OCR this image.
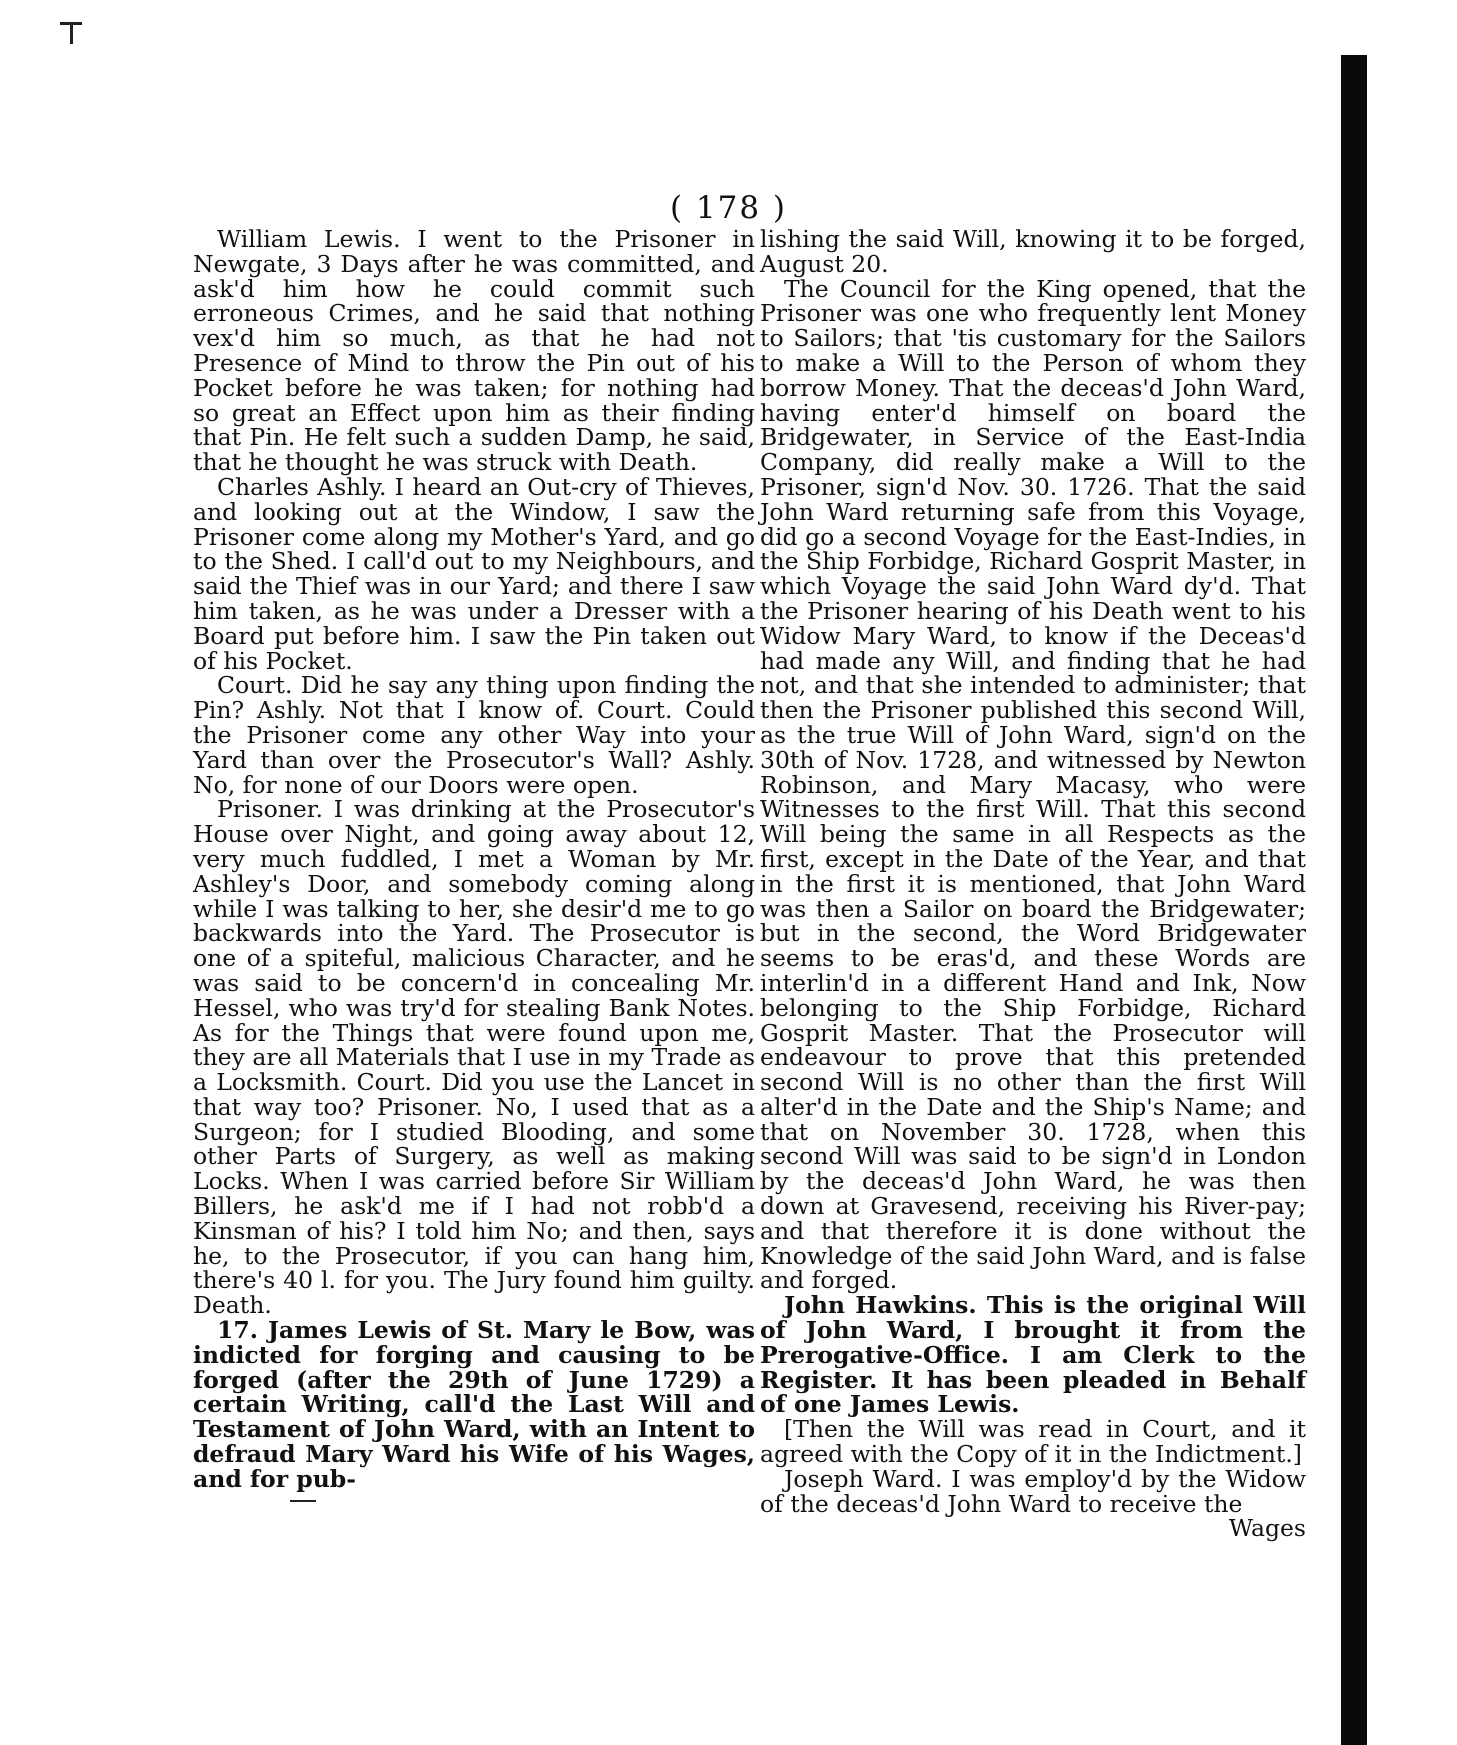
( 178 )

William Lewis. I went to the Prisoner in Newgate, 3 Days after he was committed, and ask'd him how he could commit such erroneous Crimes, and he said that nothing vex'd him so much, as that he had not Presence of Mind to throw the Pin out of his Pocket before he was taken; for nothing had so great an Effect upon him as their finding that Pin. He felt such a sudden Damp, he said, that he thought he was struck with Death.

Charles Ashly. I heard an Out-cry of Thieves, and looking out at the Window, I saw the Prisoner come along my Mother's Yard, and go to the Shed. I call'd out to my Neighbours, and said the Thief was in our Yard; and there I saw him taken, as he was under a Dresser with a Board put before him. I saw the Pin taken out of his Pocket.

Court. Did he say any thing upon finding the Pin? Ashly. Not that I know of. Court. Could the Prisoner come any other Way into your Yard than over the Prosecutor's Wall? Ashly. No, for none of our Doors were open.

Prisoner. I was drinking at the Prosecutor's House over Night, and going away about 12, very much fuddled, I met a Woman by Mr. Ashley's Door, and somebody coming along while I was talking to her, she desir'd me to go backwards into the Yard. The Prosecutor is one of a spiteful, malicious Character, and he was said to be concern'd in concealing Mr. Hessel, who was try'd for stealing Bank Notes. As for the Things that were found upon me, they are all Materials that I use in my Trade as a Locksmith. Court. Did you use the Lancet in that way too? Prisoner. No, I used that as a Surgeon; for I studied Blooding, and some other Parts of Surgery, as well as making Locks. When I was carried before Sir William Billers, he ask'd me if I had not robb'd a Kinsman of his? I told him No; and then, says he, to the Prosecutor, if you can hang him, there's 40 l. for you. The Jury found him guilty. Death.

17. James Lewis of St. Mary le Bow, was indicted for forging and causing to be forged (after the 29th of June 1729) a certain Writing, call'd the Last Will and Testament of John Ward, with an Intent to defraud Mary Ward his Wife of his Wages, and for pub-

lishing the said Will, knowing it to be forged, August 20.

The Council for the King opened, that the Prisoner was one who frequently lent Money to Sailors; that 'tis customary for the Sailors to make a Will to the Person of whom they borrow Money. That the deceas'd John Ward, having enter'd himself on board the Bridgewater, in Service of the East-India Company, did really make a Will to the Prisoner, sign'd Nov. 30. 1726. That the said John Ward returning safe from this Voyage, did go a second Voyage for the East-Indies, in the Ship Forbidge, Richard Gosprit Master, in which Voyage the said John Ward dy'd. That the Prisoner hearing of his Death went to his Widow Mary Ward, to know if the Deceas'd had made any Will, and finding that he had not, and that she intended to administer; that then the Prisoner published this second Will, as the true Will of John Ward, sign'd on the 30th of Nov. 1728, and witnessed by Newton Robinson, and Mary Macasy, who were Witnesses to the first Will. That this second Will being the same in all Respects as the first, except in the Date of the Year, and that in the first it is mentioned, that John Ward was then a Sailor on board the Bridgewater; but in the second, the Word Bridgewater seems to be eras'd, and these Words are interlin'd in a different Hand and Ink, Now belonging to the Ship Forbidge, Richard Gosprit Master. That the Prosecutor will endeavour to prove that this pretended second Will is no other than the first Will alter'd in the Date and the Ship's Name; and that on November 30. 1728, when this second Will was said to be sign'd in London by the deceas'd John Ward, he was then down at Gravesend, receiving his River-pay; and that therefore it is done without the Knowledge of the said John Ward, and is false and forged.

John Hawkins. This is the original Will of John Ward, I brought it from the Prerogative-Office. I am Clerk to the Register. It has been pleaded in Behalf of one James Lewis.

[Then the Will was read in Court, and it agreed with the Copy of it in the Indictment.]

Joseph Ward. I was employ'd by the Widow of the deceas'd John Ward to receive the

Wages
